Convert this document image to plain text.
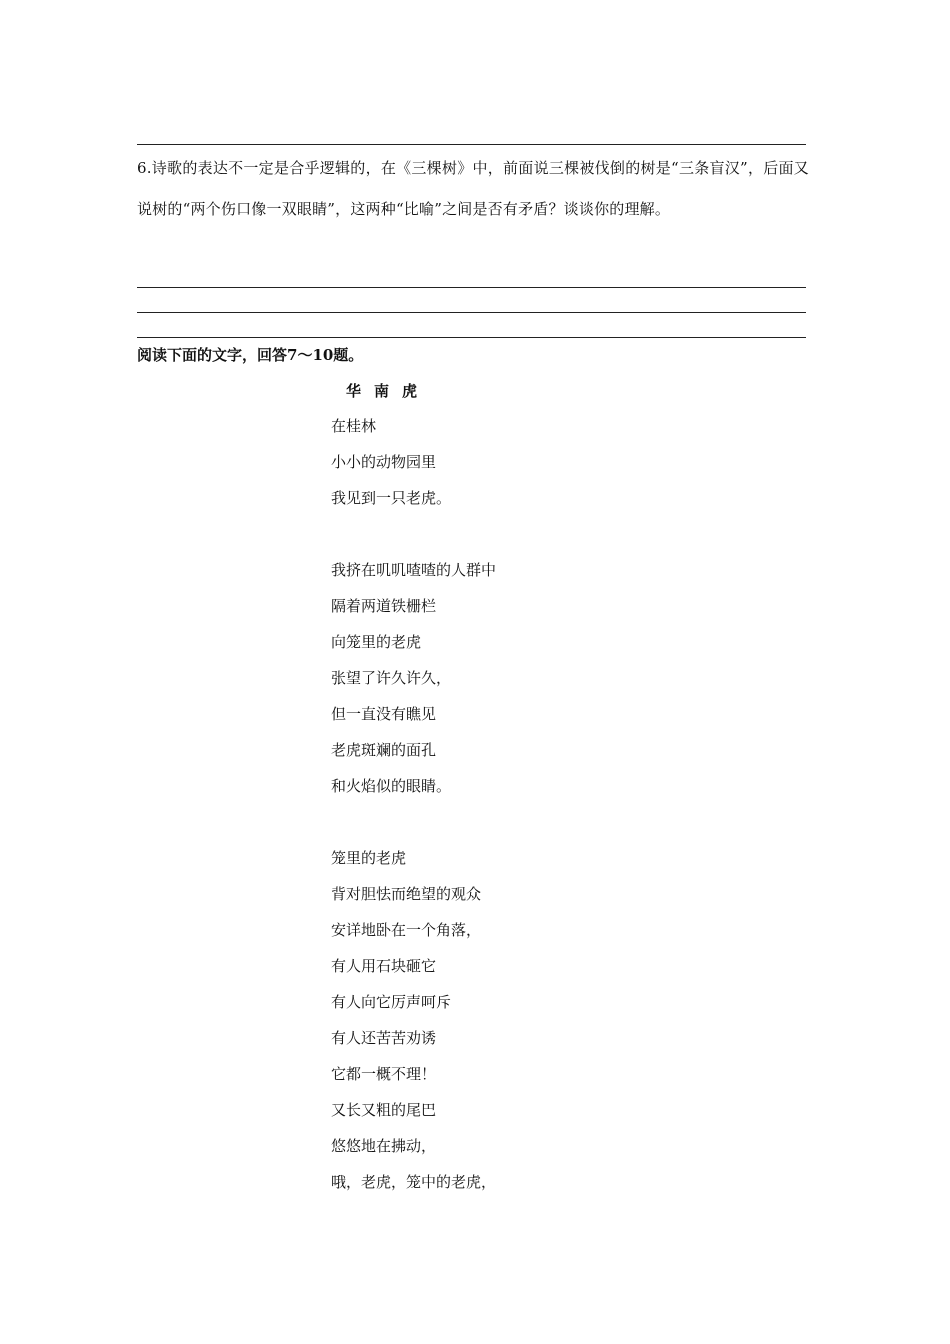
6.诗歌的表达不一定是合乎逻辑的，在《三棵树》中，前面说三棵被伐倒的树是“三条盲汉”，后面又说树的“两个伤口像一双眼睛”，这两种“比喻”之间是否有矛盾？谈谈你的理解。

阅读下面的文字，回答7～10题。

华南虎

在桂林
小小的动物园里
我见到一只老虎。
我挤在叽叽喳喳的人群中
隔着两道铁栅栏
向笼里的老虎
张望了许久许久，
但一直没有瞧见
老虎斑斓的面孔
和火焰似的眼睛。
笼里的老虎
背对胆怯而绝望的观众
安详地卧在一个角落，
有人用石块砸它
有人向它厉声呵斥
有人还苦苦劝诱
它都一概不理！
又长又粗的尾巴
悠悠地在拂动，
哦，老虎，笼中的老虎，
